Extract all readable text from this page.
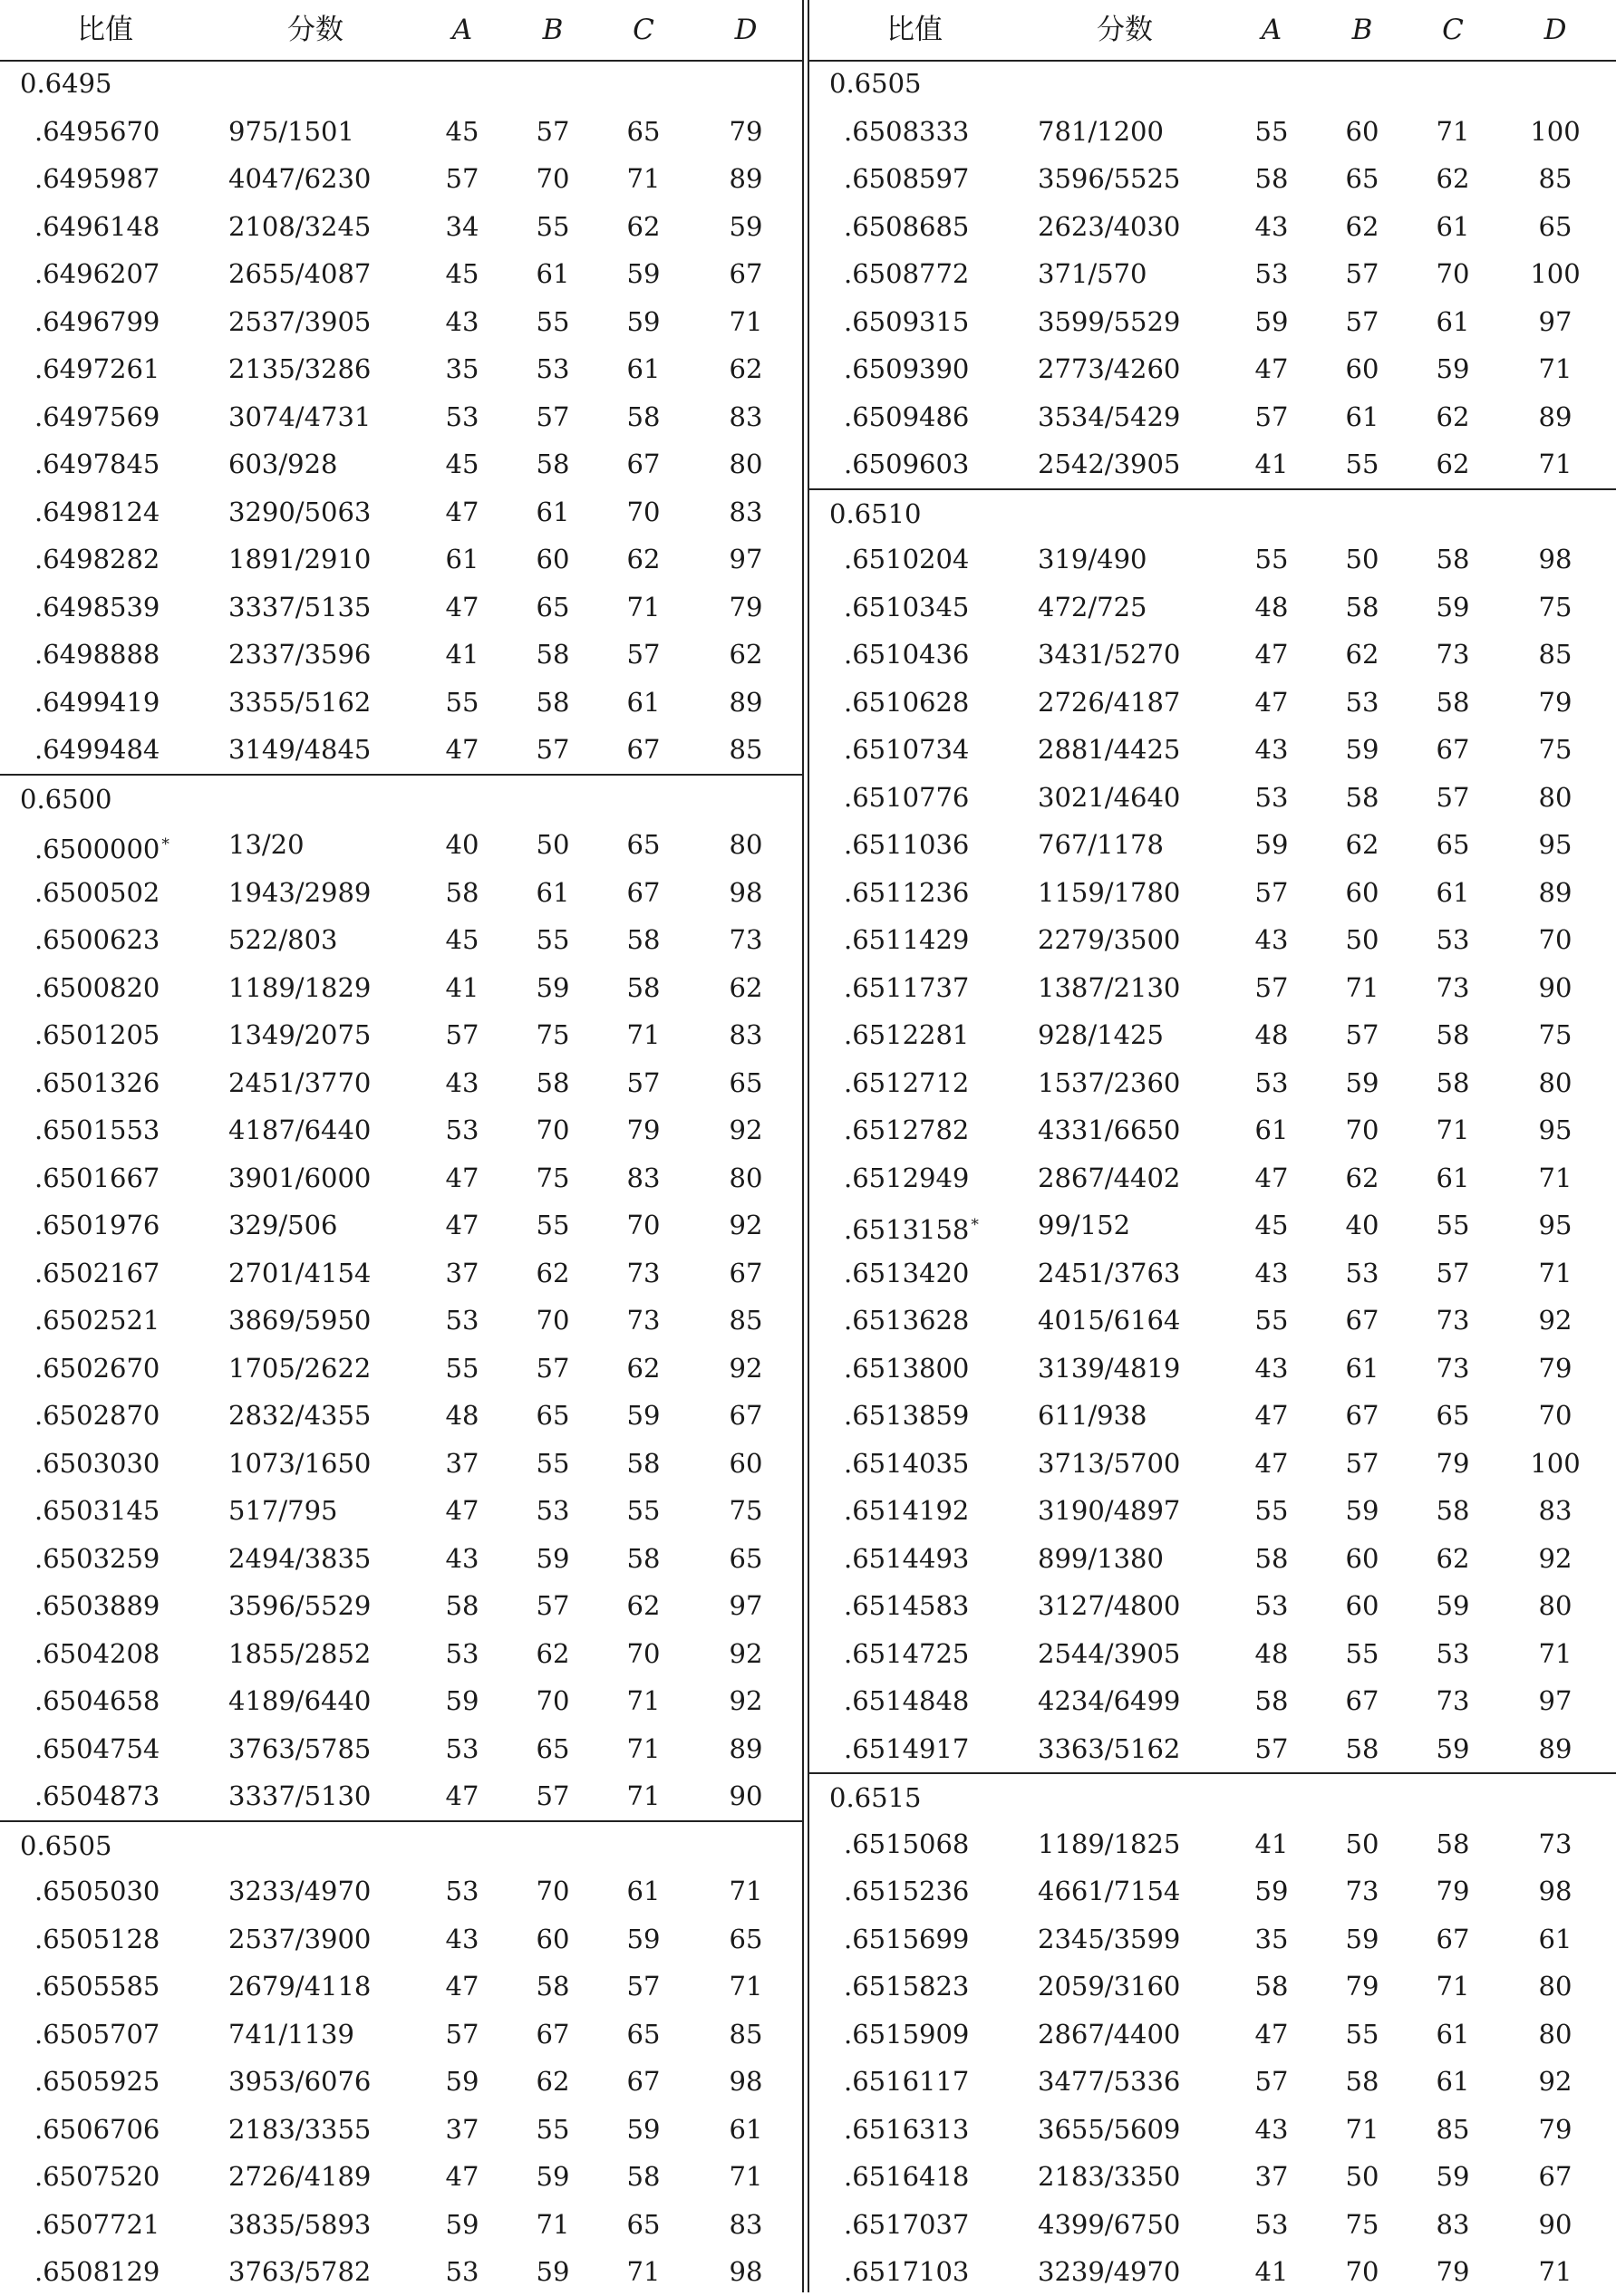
比值	分数	A	B	C	D
0.6495
.6495670	975/1501	45	57	65	79
.6495987	4047/6230	57	70	71	89
.6496148	2108/3245	34	55	62	59
.6496207	2655/4087	45	61	59	67
.6496799	2537/3905	43	55	59	71
.6497261	2135/3286	35	53	61	62
.6497569	3074/4731	53	57	58	83
.6497845	603/928	45	58	67	80
.6498124	3290/5063	47	61	70	83
.6498282	1891/2910	61	60	62	97
.6498539	3337/5135	47	65	71	79
.6498888	2337/3596	41	58	57	62
.6499419	3355/5162	55	58	61	89
.6499484	3149/4845	47	57	67	85
0.6500
.6500000 * 13/20	40	50	65	80
.6500502	1943/2989	58	61	67	98
.6500623	522/803	45	55	58	73
.6500820	1189/1829	41	59	58	62
.6501205	1349/2075	57	75	71	83
.6501326	2451/3770	43	58	57	65
.6501553	4187/6440	53	70	79	92
.6501667	3901/6000	47	75	83	80
.6501976	329/506	47	55	70	92
.6502167	2701/4154	37	62	73	67
.6502521	3869/5950	53	70	73	85
.6502670	1705/2622	55	57	62	92
.6502870	2832/4355	48	65	59	67
.6503030	1073/1650	37	55	58	60
.6503145	517/795	47	53	55	75
.6503259	2494/3835	43	59	58	65
.6503889	3596/5529	58	57	62	97
.6504208	1855/2852	53	62	70	92
.6504658	4189/6440	59	70	71	92
.6504754	3763/5785	53	65	71	89
.6504873	3337/5130	47	57	71	90
0.6505
.6505030	3233/4970	53	70	61	71
.6505128	2537/3900	43	60	59	65
.6505585	2679/4118	47	58	57	71
.6505707	741/1139	57	67	65	85
.6505925	3953/6076	59	62	67	98
.6506706	2183/3355	37	55	59	61
.6507520	2726/4189	47	59	58	71
.6507721	3835/5893	59	71	65	83
.6508129	3763/5782	53	59	71	98
比值	分数	A	B	C	D
0.6505
.6508333	781/1200	55	60	71	100
.6508597	3596/5525	58	65	62	85
.6508685	2623/4030	43	62	61	65
.6508772	371/570	53	57	70	100
.6509315	3599/5529	59	57	61	97
.6509390	2773/4260	47	60	59	71
.6509486	3534/5429	57	61	62	89
.6509603	2542/3905	41	55	62	71
0.6510
.6510204	319/490	55	50	58	98
.6510345	472/725	48	58	59	75
.6510436	3431/5270	47	62	73	85
.6510628	2726/4187	47	53	58	79
.6510734	2881/4425	43	59	67	75
.6510776	3021/4640	53	58	57	80
.6511036	767/1178	59	62	65	95
.6511236	1159/1780	57	60	61	89
.6511429	2279/3500	43	50	53	70
.6511737	1387/2130	57	71	73	90
.6512281	928/1425	48	57	58	75
.6512712	1537/2360	53	59	58	80
.6512782	4331/6650	61	70	71	95
.6512949	2867/4402	47	62	61	71
.6513158 * 99/152	45	40	55	95
.6513420	2451/3763	43	53	57	71
.6513628	4015/6164	55	67	73	92
.6513800	3139/4819	43	61	73	79
.6513859	611/938	47	67	65	70
.6514035	3713/5700	47	57	79	100
.6514192	3190/4897	55	59	58	83
.6514493	899/1380	58	60	62	92
.6514583	3127/4800	53	60	59	80
.6514725	2544/3905	48	55	53	71
.6514848	4234/6499	58	67	73	97
.6514917	3363/5162	57	58	59	89
0.6515
.6515068	1189/1825	41	50	58	73
.6515236	4661/7154	59	73	79	98
.6515699	2345/3599	35	59	67	61
.6515823	2059/3160	58	79	71	80
.6515909	2867/4400	47	55	61	80
.6516117	3477/5336	57	58	61	92
.6516313	3655/5609	43	71	85	79
.6516418	2183/3350	37	50	59	67
.6517037	4399/6750	53	75	83	90
.6517103	3239/4970	41	70	79	71
